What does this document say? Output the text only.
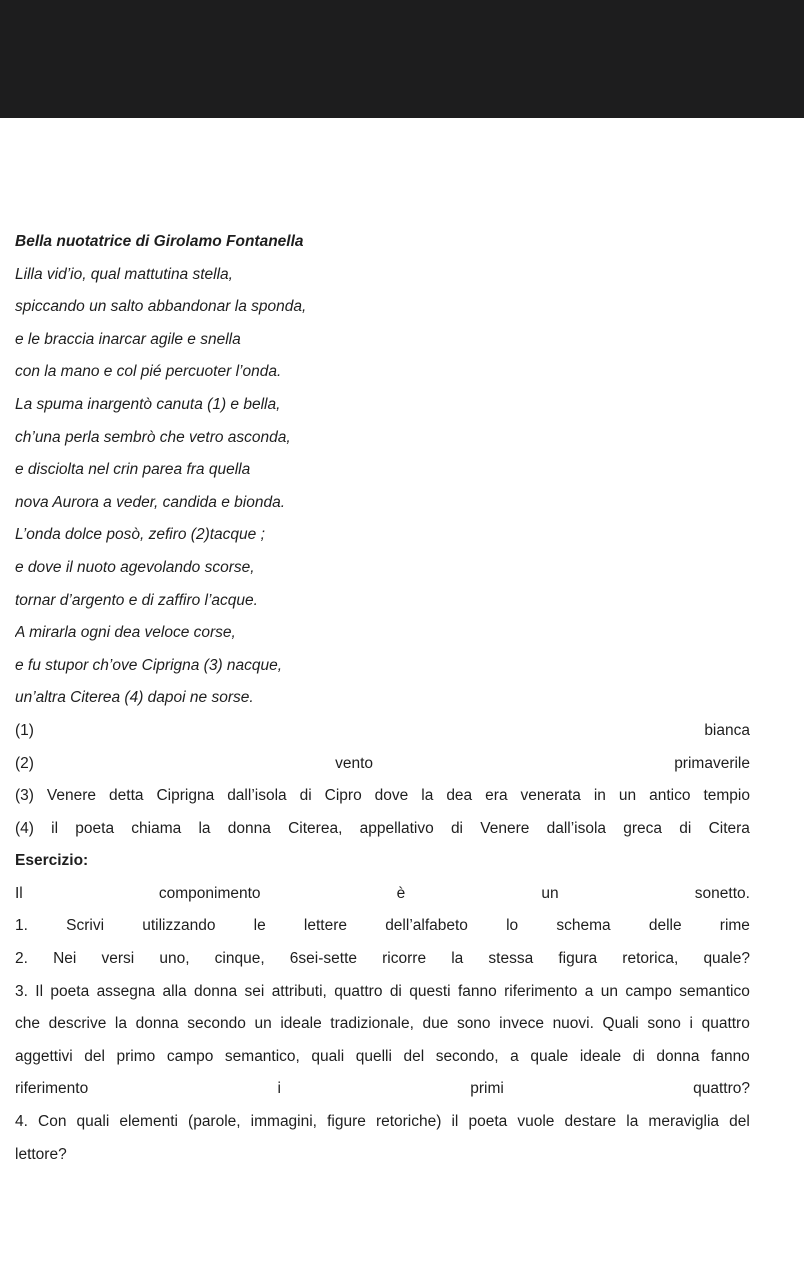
Bella nuotatrice di Girolamo Fontanella
Lilla vid’io, qual mattutina stella,
spiccando un salto abbandonar la sponda,
e le braccia inarcar agile e snella
con la mano e col pié percuoter l’onda.
La spuma inargentò canuta (1) e bella,
ch’una perla sembrò che vetro asconda,
e disciolta nel crin parea fra quella
nova Aurora a veder, candida e bionda.
L’onda dolce posò, zefiro (2)tacque ;
e dove il nuoto agevolando scorse,
tornar d’argento e di zaffiro l’acque.
A mirarla ogni dea veloce corse,
e fu stupor ch’ove Ciprigna (3) nacque,
un’altra Citerea (4) dapoi ne sorse.
(1)	bianca
(2)	vento	primaverile
(3) Venere detta Ciprigna dall’isola di Cipro dove la dea era venerata in un antico tempio
(4) il poeta chiama la donna Citerea, appellativo di Venere dall’isola greca di Citera
Esercizio:
Il	componimento	è	un	sonetto.
1. Scrivi utilizzando le lettere dell’alfabeto lo schema delle rime
2. Nei versi uno, cinque, 6sei-sette ricorre la stessa figura retorica, quale?
3. Il poeta assegna alla donna sei attributi, quattro di questi fanno riferimento a un campo semantico
che descrive la donna secondo un ideale tradizionale, due sono invece nuovi. Quali sono i quattro
aggettivi del primo campo semantico, quali quelli del secondo, a quale ideale di donna fanno
riferimento	i	primi	quattro?
4. Con quali elementi (parole, immagini, figure retoriche) il poeta vuole destare la meraviglia del
lettore?
